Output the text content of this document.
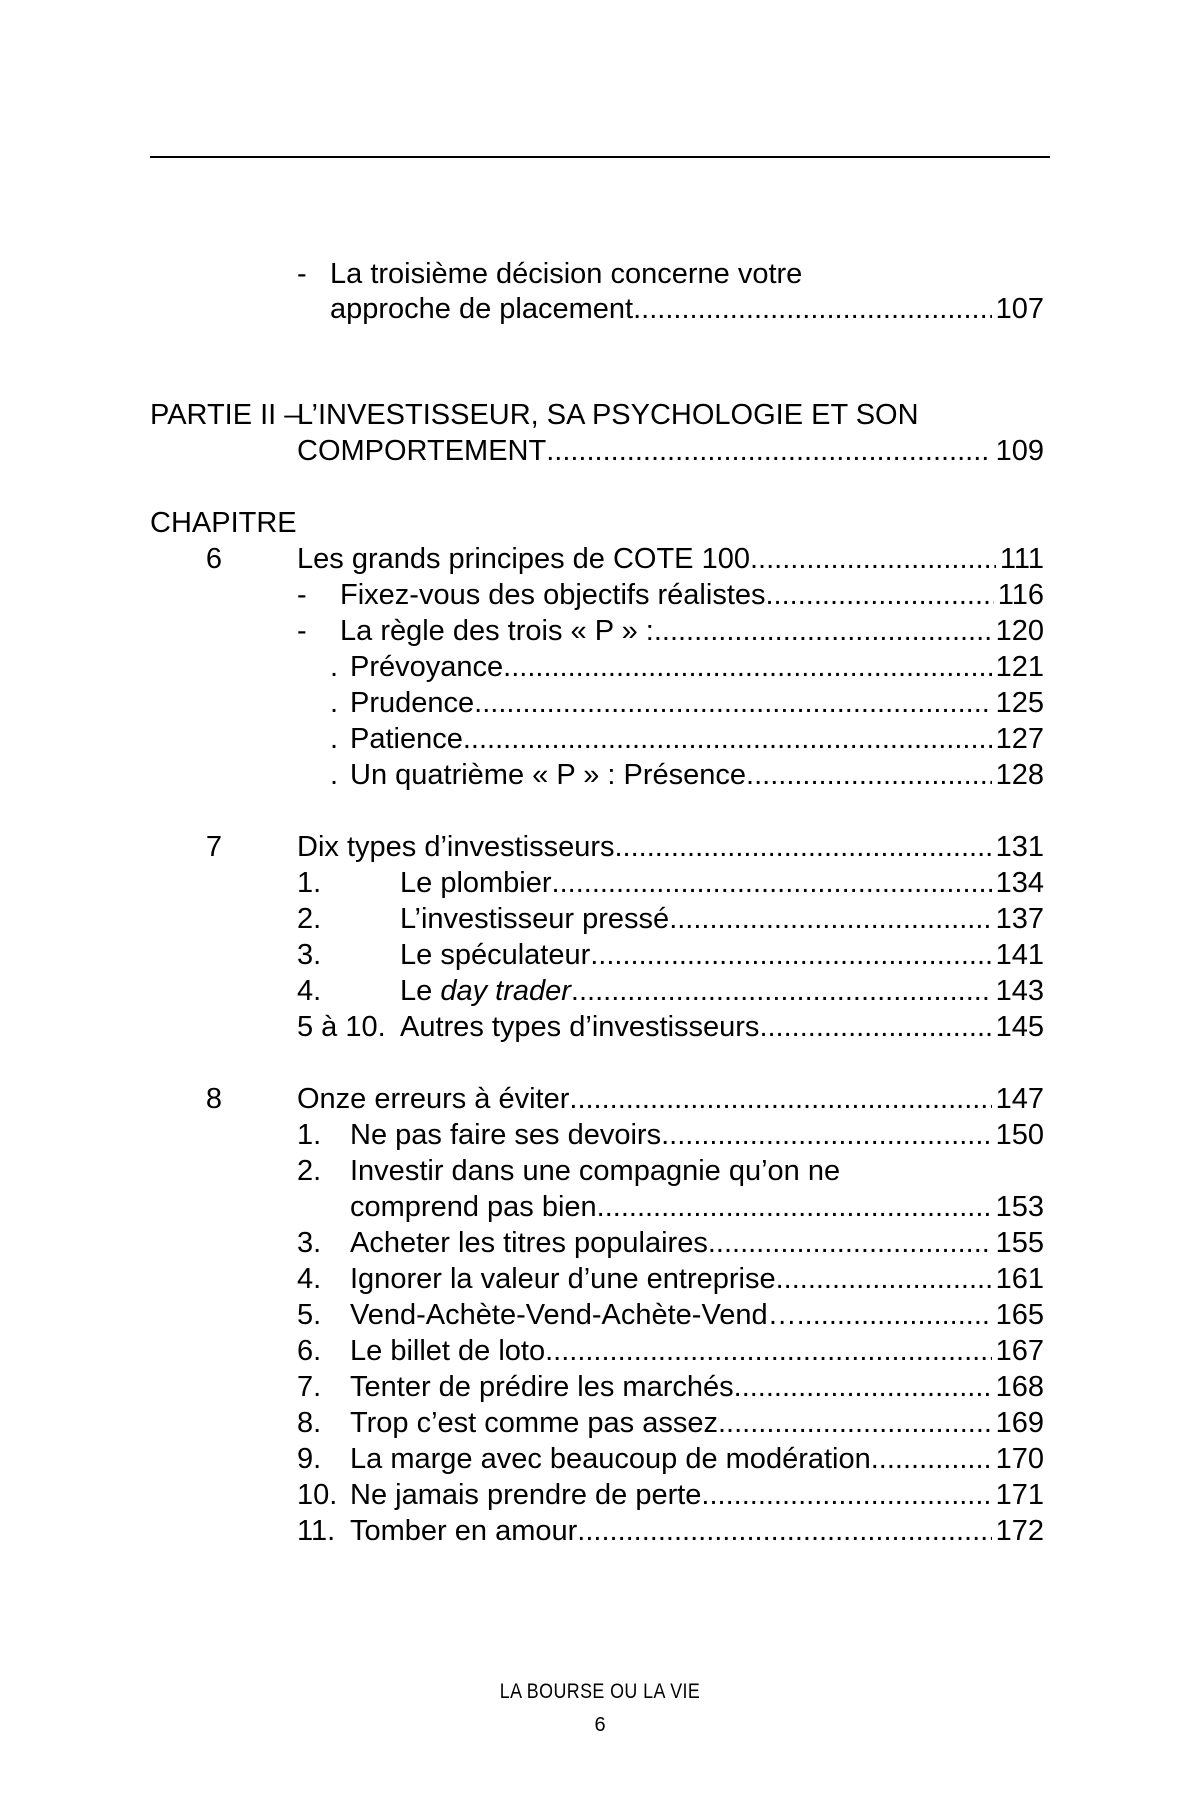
- La troisième décision concerne votre
approche de placement .....	107
PARTIE II –
L’INVESTISSEUR, SA PSYCHOLOGIE ET SON
COMPORTEMENT .....	109
CHAPITRE
6	Les grands principes de COTE 100 .....	111
- Fixez-vous des objectifs réalistes .....	116
- La règle des trois « P » : .....	120
. Prévoyance .....	121
. Prudence .....	125
. Patience .....	127
. Un quatrième « P » : Présence .....	128
7	Dix types d’investisseurs .....	131
1.	Le plombier .....	134
2.	L’investisseur pressé .....	137
3.	Le spéculateur .....	141
4.	Le day trader .....	143
5 à 10. Autres types d’investisseurs .....	145
8	Onze erreurs à éviter .....	147
1. Ne pas faire ses devoirs .....	150
2. Investir dans une compagnie qu’on ne
comprend pas bien .....	153
3. Acheter les titres populaires .....	155
4. Ignorer la valeur d’une entreprise .....	161
5. Vend-Achète-Vend-Achète-Vend… .....	165
6. Le billet de loto .....	167
7. Tenter de prédire les marchés .....	168
8. Trop c’est comme pas assez .....	169
9. La marge avec beaucoup de modération .....	170
10. Ne jamais prendre de perte .....	171
11. Tomber en amour .....	172
LA BOURSE OU LA VIE
6
